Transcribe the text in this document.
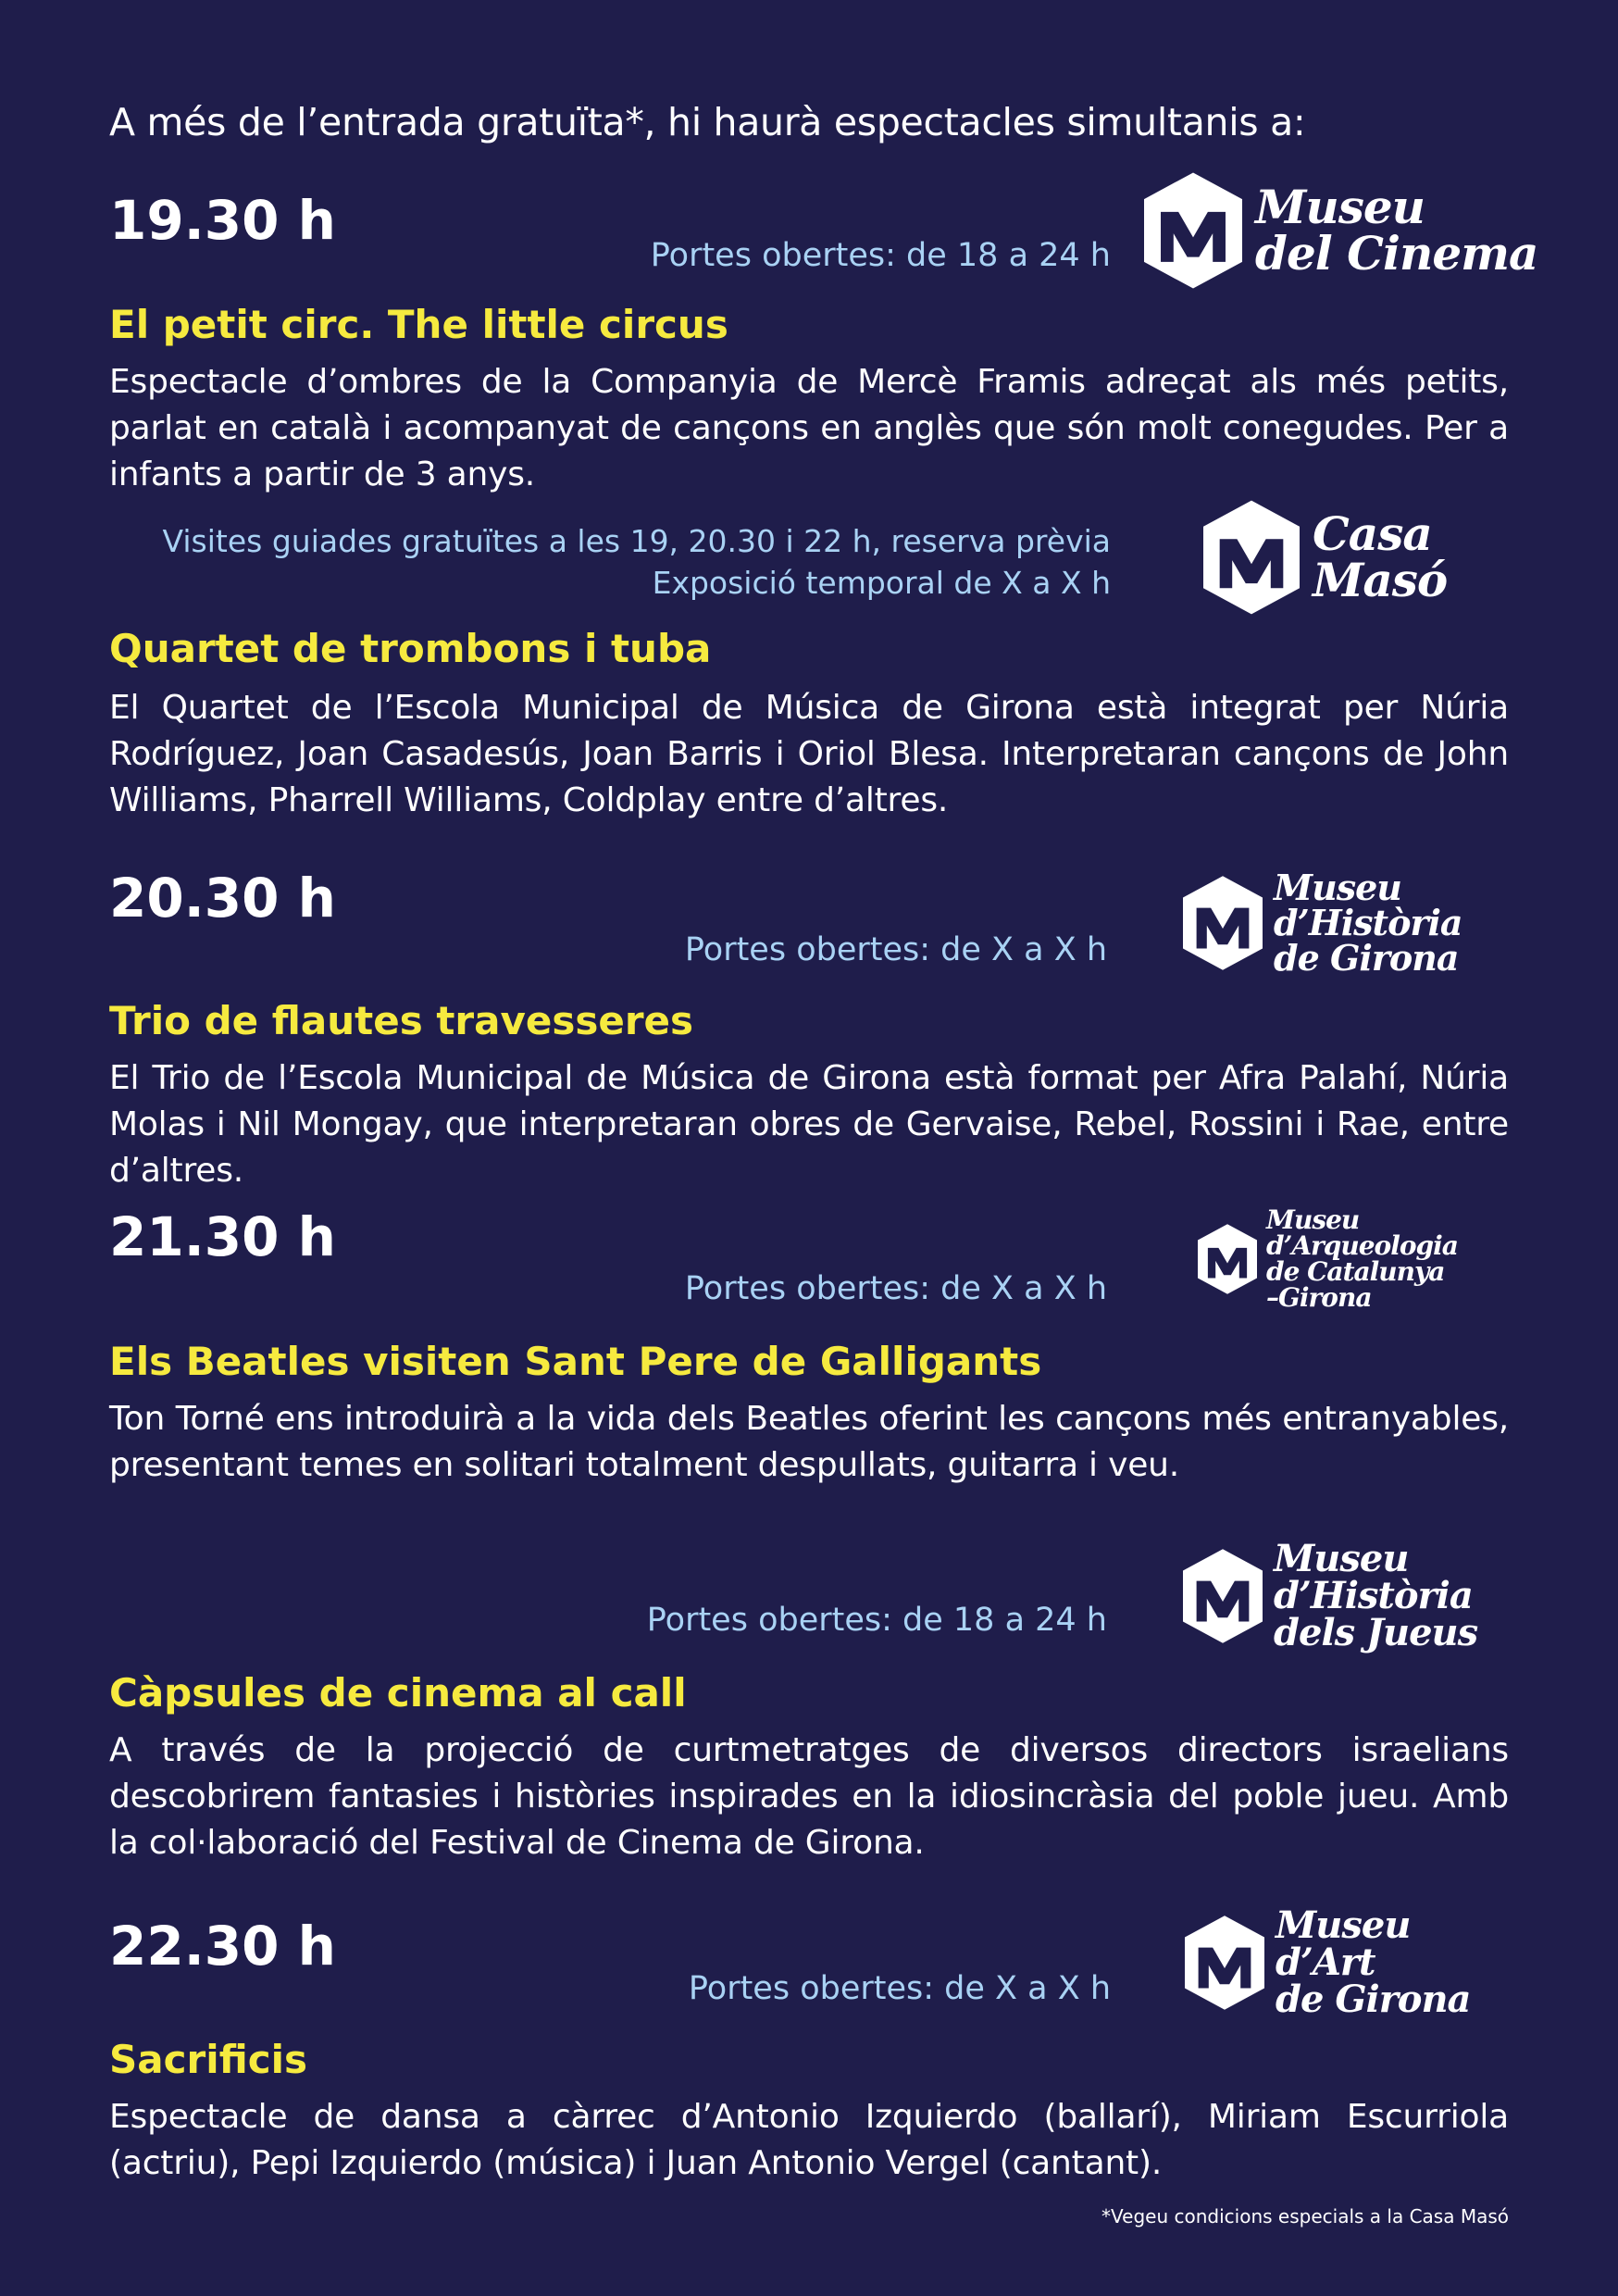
A més de l’entrada gratuïta*, hi haurà espectacles simultanis a:
19.30 h
Portes obertes: de 18 a 24 h
Museu
del Cinema
El petit circ. The little circus
Espectacle d’ombres de la Companyia de Mercè Framis adreçat als més petits, parlat en català i acompanyat de cançons en anglès que són molt conegudes. Per a infants a partir de 3 anys.
Visites guiades gratuïtes a les 19, 20.30 i 22 h, reserva prèvia
Exposició temporal de X a X h
Casa
Masó
Quartet de trombons i tuba
El Quartet de l’Escola Municipal de Música de Girona està integrat per Núria Rodríguez, Joan Casadesús, Joan Barris i Oriol Blesa. Interpretaran cançons de John Williams, Pharrell Williams, Coldplay entre d’altres.
20.30 h
Portes obertes: de X a X h
Museu
d’Història
de Girona
Trio de flautes travesseres
El Trio de l’Escola Municipal de Música de Girona està format per Afra Palahí, Núria Molas i Nil Mongay, que interpretaran obres de Gervaise, Rebel, Rossini i Rae, entre d’altres.
21.30 h
Portes obertes: de X a X h
Museu
d’Arqueologia
de Catalunya
–Girona
Els Beatles visiten Sant Pere de Galligants
Ton Torné ens introduirà a la vida dels Beatles oferint les cançons més entranyables, presentant temes en solitari totalment despullats, guitarra i veu.
Portes obertes: de 18 a 24 h
Museu
d’Història
dels Jueus
Càpsules de cinema al call
A través de la projecció de curtmetratges de diversos directors israelians descobrirem fantasies i històries inspirades en la idiosincràsia del poble jueu. Amb la col·laboració del Festival de Cinema de Girona.
22.30 h
Portes obertes: de X a X h
Museu
d’Art
de Girona
Sacrificis
Espectacle de dansa a càrrec d’Antonio Izquierdo (ballarí), Miriam Escurriola (actriu), Pepi Izquierdo (música) i Juan Antonio Vergel (cantant).
*Vegeu condicions especials a la Casa Masó
